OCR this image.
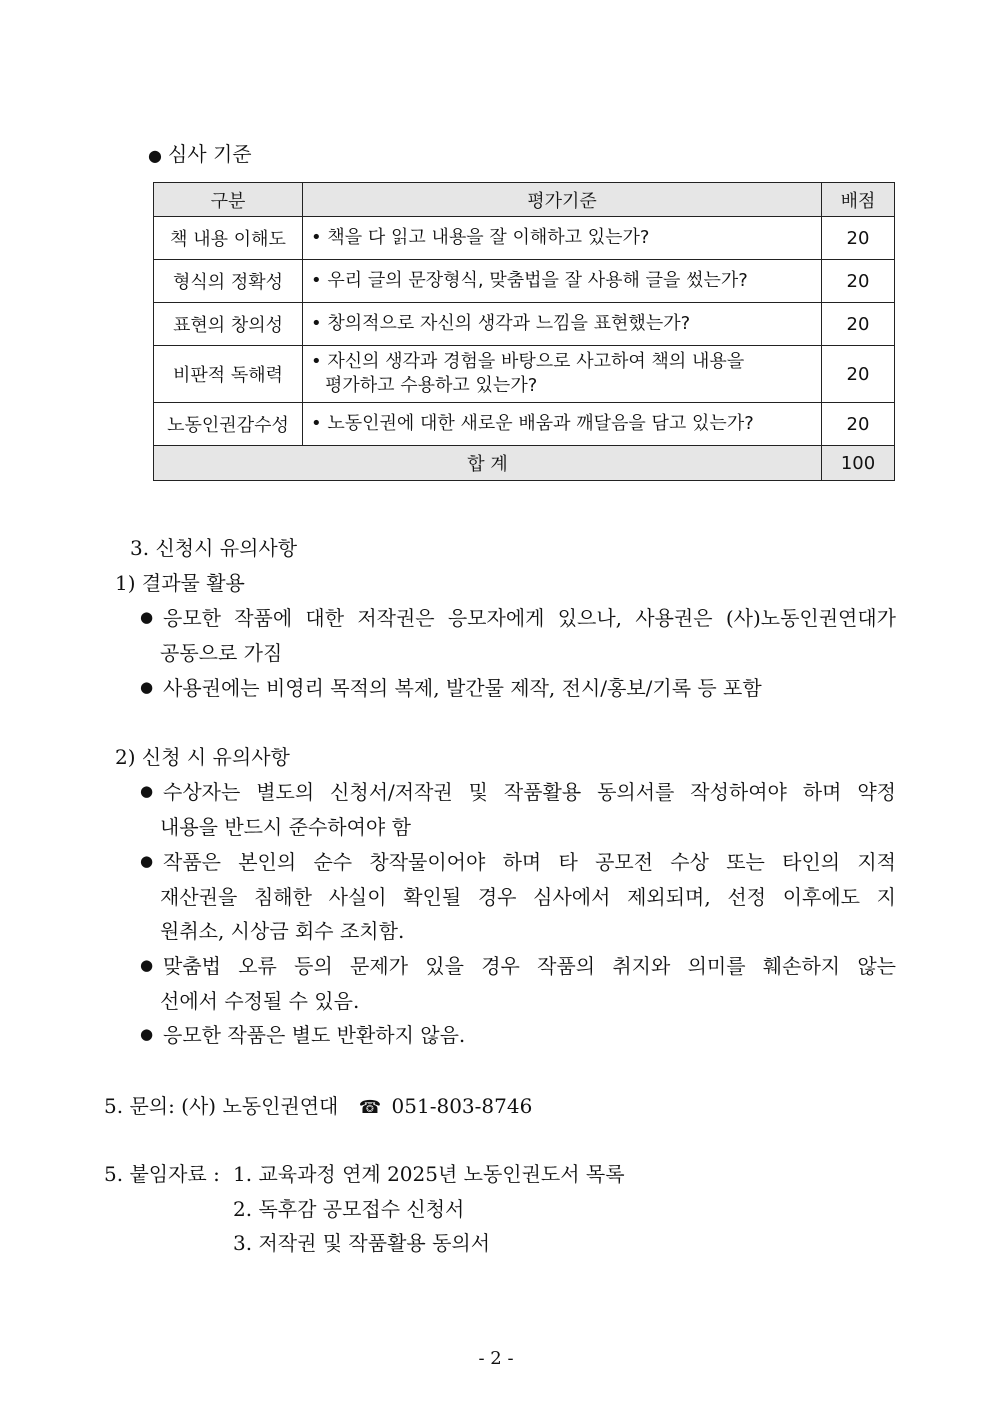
● 심사 기준
구분	평가기준	배점
책 내용 이해도	• 책을 다 읽고 내용을 잘 이해하고 있는가?	20
형식의 정확성	• 우리 글의 문장형식, 맞춤법을 잘 사용해 글을 썼는가?	20
표현의 창의성	• 창의적으로 자신의 생각과 느낌을 표현했는가?	20
비판적 독해력	• 자신의 생각과 경험을 바탕으로 사고하여 책의 내용을
평가하고 수용하고 있는가?	20
노동인권감수성	• 노동인권에 대한 새로운 배움과 깨달음을 담고 있는가?	20
합 계		100
3. 신청시 유의사항
1) 결과물 활용
● 응모한 작품에 대한 저작권은 응모자에게 있으나, 사용권은 (사)노동인권연대가
공동으로 가짐
● 사용권에는 비영리 목적의 복제, 발간물 제작, 전시/홍보/기록 등 포함
2) 신청 시 유의사항
● 수상자는 별도의 신청서/저작권 및 작품활용 동의서를 작성하여야 하며 약정
내용을 반드시 준수하여야 함
● 작품은 본인의 순수 창작물이어야 하며 타 공모전 수상 또는 타인의 지적
재산권을 침해한 사실이 확인될 경우 심사에서 제외되며, 선정 이후에도 지
원취소, 시상금 회수 조치함.
● 맞춤법 오류 등의 문제가 있을 경우 작품의 취지와 의미를 훼손하지 않는
선에서 수정될 수 있음.
● 응모한 작품은 별도 반환하지 않음.
5. 문의: (사) 노동인권연대 ☎ 051-803-8746
5. 붙임자료 : 1. 교육과정 연계 2025년 노동인권도서 목록
2. 독후감 공모접수 신청서
3. 저작권 및 작품활용 동의서
- 2 -
